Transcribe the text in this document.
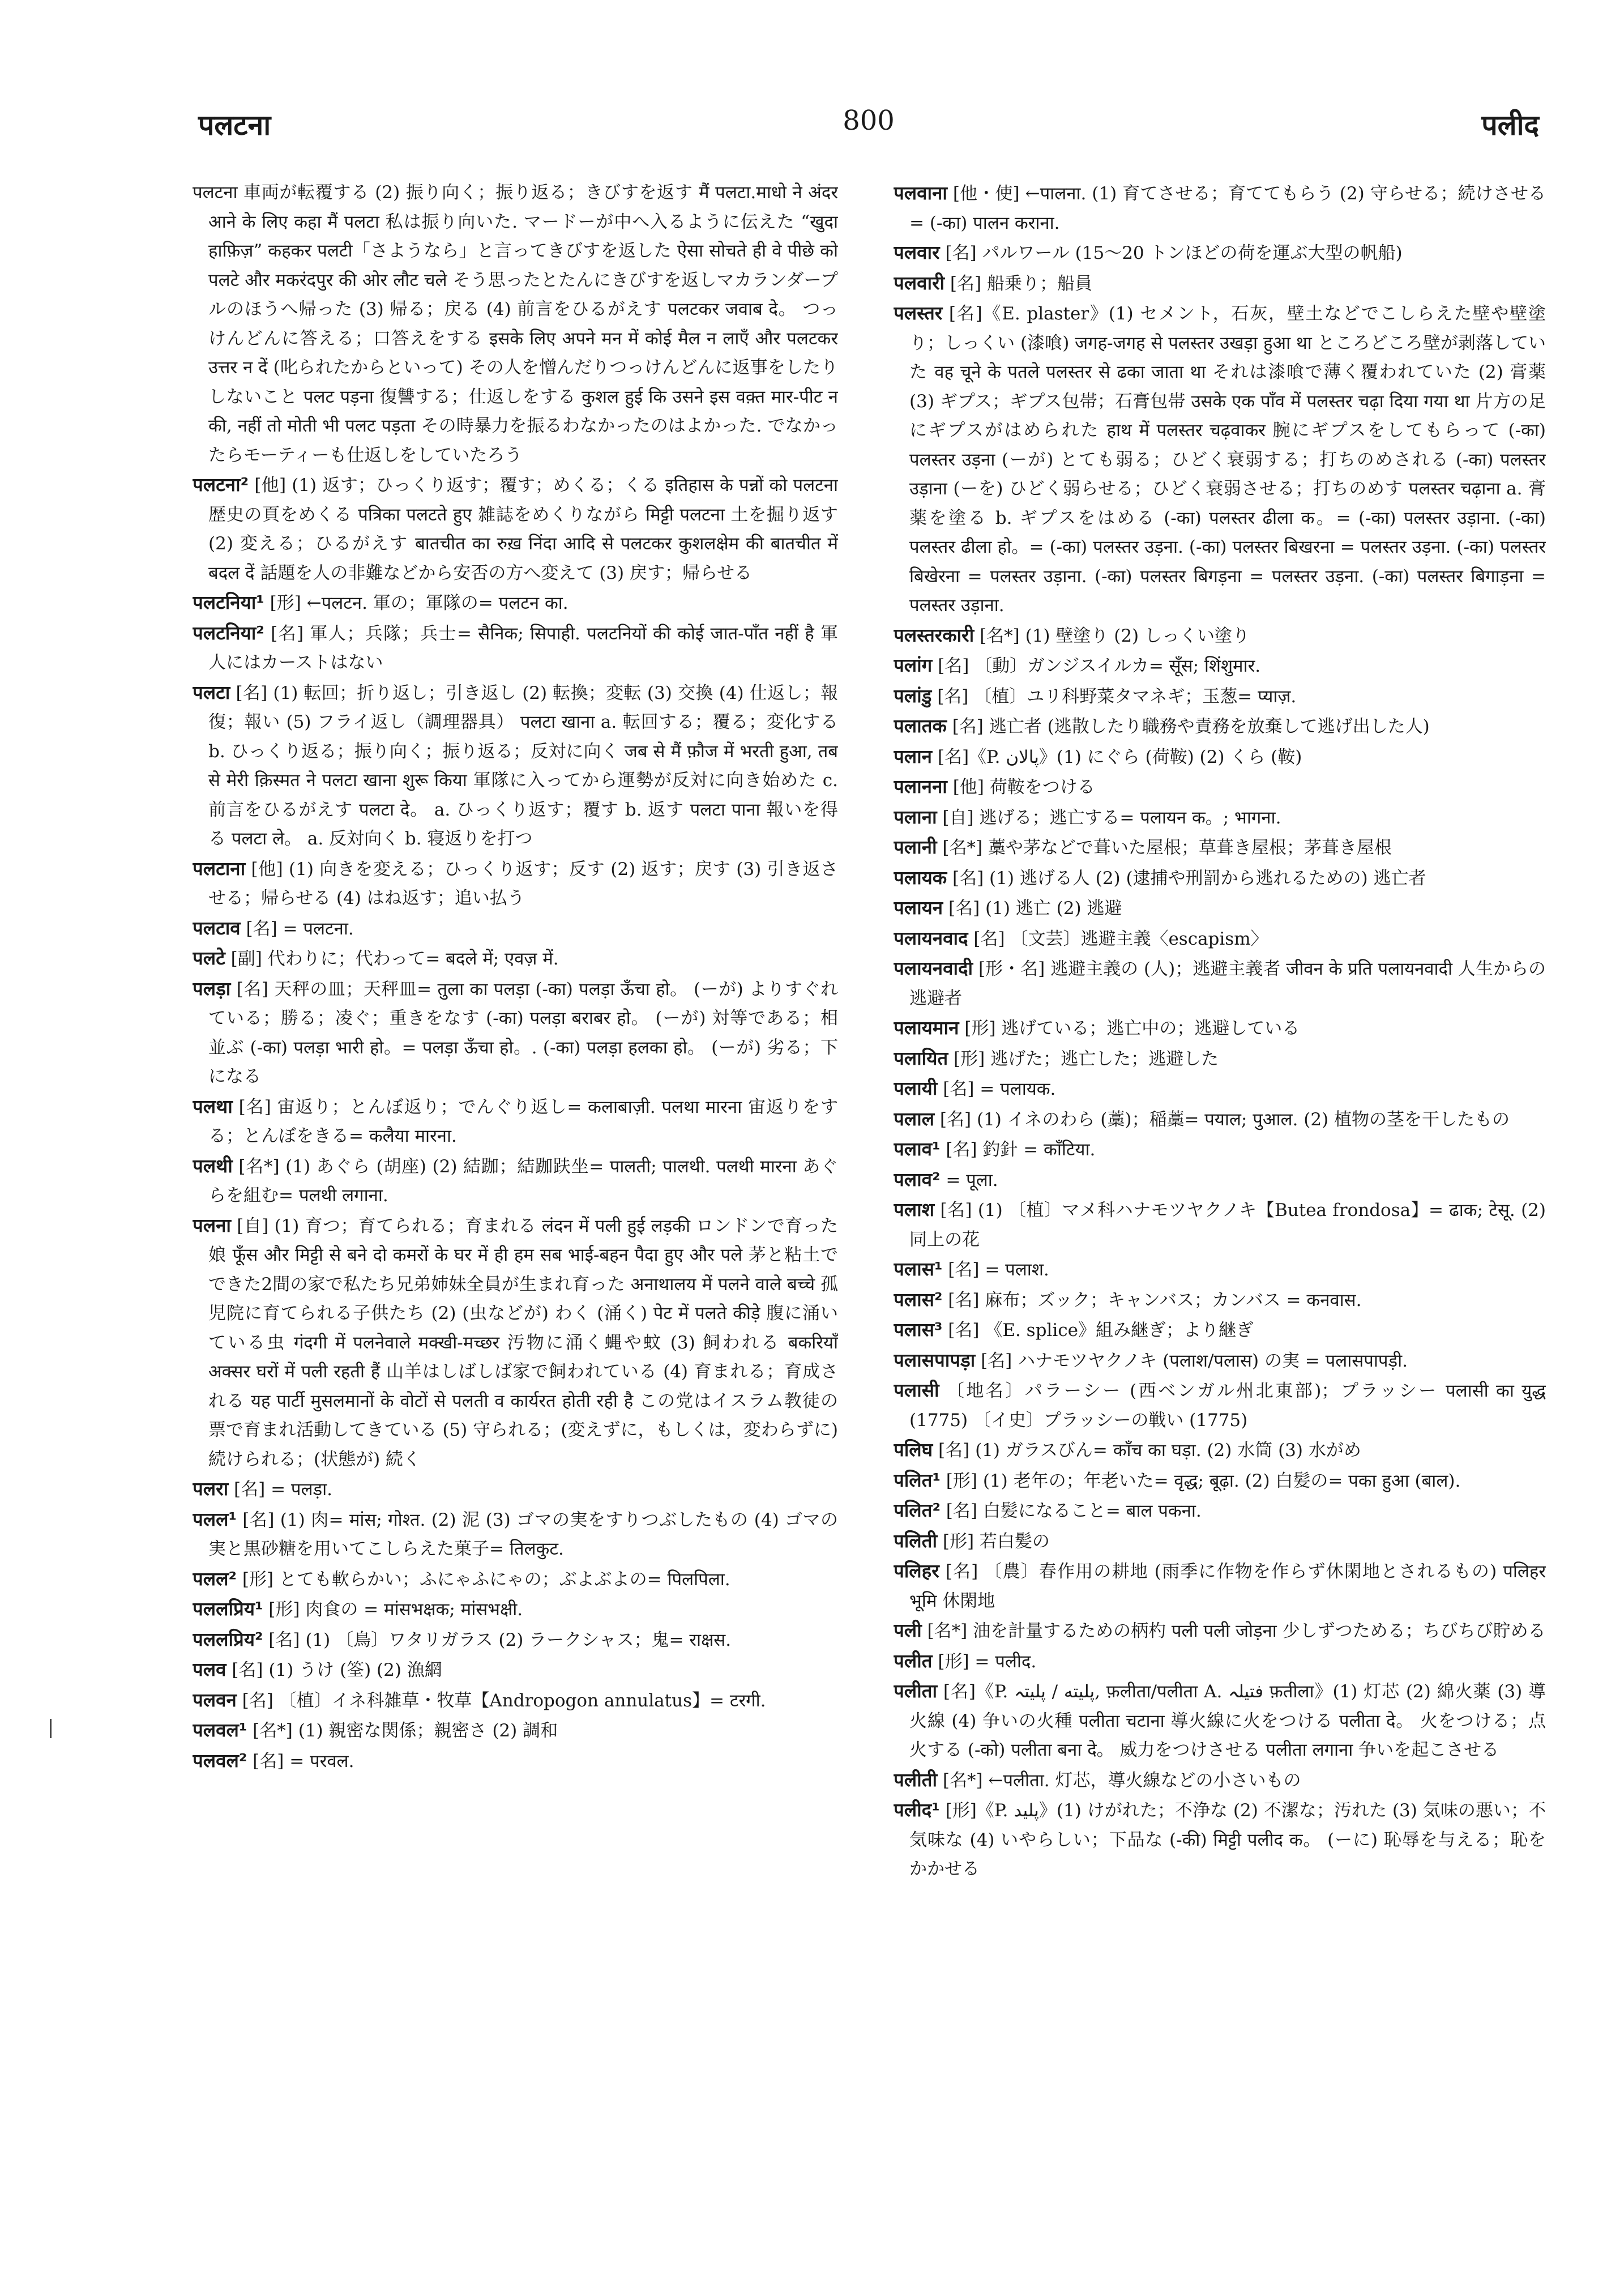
पलटना	800	पलीद

पलटना 車両が転覆する (2) 振り向く；振り返る；きびすを返す मैं पलटा.माधो ने अंदर आने के लिए कहा मैं पलटा 私は振り向いた. マードーが中へ入るように伝えた “खुदा हाफ़िज़” कहकर पलटी「さようなら」と言ってきびすを返した ऐसा सोचते ही वे पीछे को पलटे और मकरंदपुर की ओर लौट चले そう思ったとたんにきびすを返しマカランダープルのほうへ帰った (3) 帰る；戻る (4) 前言をひるがえす पलटकर जवाब दे。 つっけんどんに答える；口答えをする इसके लिए अपने मन में कोई मैल न लाएँ और पलटकर उत्तर न दें (叱られたからといって) その人を憎んだりつっけんどんに返事をしたりしないこと पलट पड़ना 復讐する；仕返しをする कुशल हुई कि उसने इस वक़्त मार-पीट न की, नहीं तो मोती भी पलट पड़ता その時暴力を振るわなかったのはよかった. でなかったらモーティーも仕返しをしていたろう

पलटना² [他] (1) 返す；ひっくり返す；覆す；めくる；くる इतिहास के पन्नों को पलटना 歴史の頁をめくる पत्रिका पलटते हुए 雑誌をめくりながら मिट्टी पलटना 土を掘り返す (2) 変える；ひるがえす बातचीत का रुख़ निंदा आदि से पलटकर कुशलक्षेम की बातचीत में बदल दें 話題を人の非難などから安否の方へ変えて (3) 戻す；帰らせる

पलटनिया¹ [形] ←पलटन. 軍の；軍隊の= पलटन का.

पलटनिया² [名] 軍人；兵隊；兵士= सैनिक; सिपाही. पलटनियों की कोई जात-पाँत नहीं है 軍人にはカーストはない

पलटा [名] (1) 転回；折り返し；引き返し (2) 転換；変転 (3) 交換 (4) 仕返し；報復；報い (5) フライ返し（調理器具） पलटा खाना a. 転回する；覆る；変化する b. ひっくり返る；振り向く；振り返る；反対に向く जब से मैं फ़ौज में भरती हुआ, तब से मेरी क़िस्मत ने पलटा खाना शुरू किया 軍隊に入ってから運勢が反対に向き始めた c. 前言をひるがえす पलटा दे。 a. ひっくり返す；覆す b. 返す पलटा पाना 報いを得る पलटा ले。 a. 反対向く b. 寝返りを打つ

पलटाना [他] (1) 向きを変える；ひっくり返す；反す (2) 返す；戻す (3) 引き返させる；帰らせる (4) はね返す；追い払う

पलटाव [名] = पलटना.

पलटे [副] 代わりに；代わって= बदले में; एवज़ में.

पलड़ा [名] 天秤の皿；天秤皿= तुला का पलड़ा (-का) पलड़ा ऊँचा हो。 (ーが) よりすぐれている；勝る；凌ぐ；重きをなす (-का) पलड़ा बराबर हो。 (ーが) 対等である；相並ぶ (-का) पलड़ा भारी हो。= पलड़ा ऊँचा हो。. (-का) पलड़ा हलका हो。 (ーが) 劣る；下になる

पलथा [名] 宙返り；とんぼ返り；でんぐり返し= कलाबाज़ी. पलथा मारना 宙返りをする；とんぼをきる= कलैया मारना.

पलथी [名*] (1) あぐら (胡座) (2) 結跏；結跏趺坐= पालती; पालथी. पलथी मारना あぐらを組む= पलथी लगाना.

पलना [自] (1) 育つ；育てられる；育まれる लंदन में पली हुई लड़की ロンドンで育った娘 फूँस और मिट्टी से बने दो कमरों के घर में ही हम सब भाई-बहन पैदा हुए और पले 茅と粘土でできた2間の家で私たち兄弟姉妹全員が生まれ育った अनाथालय में पलने वाले बच्चे 孤児院に育てられる子供たち (2) (虫などが) わく (涌く) पेट में पलते कीड़े 腹に涌いている虫 गंदगी में पलनेवाले मक्खी-मच्छर 汚物に涌く蝿や蚊 (3) 飼われる बकरियाँ अक्सर घरों में पली रहती हैं 山羊はしばしば家で飼われている (4) 育まれる；育成される यह पार्टी मुसलमानों के वोटों से पलती व कार्यरत होती रही है この党はイスラム教徒の票で育まれ活動してきている (5) 守られる；(変えずに，もしくは，変わらずに) 続けられる；(状態が) 続く

पलरा [名] = पलड़ा.

पलल¹ [名] (1) 肉= मांस; गोश्त. (2) 泥 (3) ゴマの実をすりつぶしたもの (4) ゴマの実と黒砂糖を用いてこしらえた菓子= तिलकुट.

पलल² [形] とても軟らかい；ふにゃふにゃの；ぶよぶよの= पिलपिला.

पललप्रिय¹ [形] 肉食の = मांसभक्षक; मांसभक्षी.

पललप्रिय² [名] (1) 〔鳥〕ワタリガラス (2) ラークシャス；鬼= राक्षस.

पलव [名] (1) うけ (筌) (2) 漁網

पलवन [名] 〔植〕イネ科雑草・牧草【Andropogon annulatus】= टरगी.

पलवल¹ [名*] (1) 親密な関係；親密さ (2) 調和

पलवल² [名] = परवल.

पलवाना [他・使] ←पालना. (1) 育てさせる；育ててもらう (2) 守らせる；続けさせる= (-का) पालन कराना.

पलवार [名] パルワール (15〜20 トンほどの荷を運ぶ大型の帆船)

पलवारी [名] 船乗り；船員

पलस्तर [名]《E. plaster》(1) セメント，石灰，壁土などでこしらえた壁や壁塗り；しっくい (漆喰) जगह-जगह से पलस्तर उखड़ा हुआ था ところどころ壁が剥落していた वह चूने के पतले पलस्तर से ढका जाता था それは漆喰で薄く覆われていた (2) 膏薬 (3) ギプス；ギプス包帯；石膏包帯 उसके एक पाँव में पलस्तर चढ़ा दिया गया था 片方の足にギプスがはめられた हाथ में पलस्तर चढ़वाकर 腕にギプスをしてもらって (-का) पलस्तर उड़ना (ーが) とても弱る；ひどく衰弱する；打ちのめされる (-का) पलस्तर उड़ाना (ーを) ひどく弱らせる；ひどく衰弱させる；打ちのめす पलस्तर चढ़ाना a. 膏薬を塗る b. ギプスをはめる (-का) पलस्तर ढीला क。= (-का) पलस्तर उड़ाना. (-का) पलस्तर ढीला हो。= (-का) पलस्तर उड़ना. (-का) पलस्तर बिखरना = पलस्तर उड़ना. (-का) पलस्तर बिखेरना = पलस्तर उड़ाना. (-का) पलस्तर बिगड़ना = पलस्तर उड़ना. (-का) पलस्तर बिगाड़ना = पलस्तर उड़ाना.

पलस्तरकारी [名*] (1) 壁塗り (2) しっくい塗り

पलांग [名] 〔動〕ガンジスイルカ= सूँस; शिंशुमार.

पलांडु [名] 〔植〕ユリ科野菜タマネギ；玉葱= प्याज़.

पलातक [名] 逃亡者 (逃散したり職務や責務を放棄して逃げ出した人)

पलान [名]《P. پالان》(1) にぐら (荷鞍) (2) くら (鞍)

पलानना [他] 荷鞍をつける

पलाना [自] 逃げる；逃亡する= पलायन क。; भागना.

पलानी [名*] 藁や茅などで葺いた屋根；草葺き屋根；茅葺き屋根

पलायक [名] (1) 逃げる人 (2) (逮捕や刑罰から逃れるための) 逃亡者

पलायन [名] (1) 逃亡 (2) 逃避

पलायनवाद [名] 〔文芸〕逃避主義〈escapism〉

पलायनवादी [形・名] 逃避主義の (人)；逃避主義者 जीवन के प्रति पलायनवादी 人生からの逃避者

पलायमान [形] 逃げている；逃亡中の；逃避している

पलायित [形] 逃げた；逃亡した；逃避した

पलायी [名] = पलायक.

पलाल [名] (1) イネのわら (藁)；稲藁= पयाल; पुआल. (2) 植物の茎を干したもの

पलाव¹ [名] 釣針 = काँटिया.

पलाव² = पूला.

पलाश [名] (1) 〔植〕マメ科ハナモツヤクノキ【Butea frondosa】= ढाक; टेसू. (2) 同上の花

पलास¹ [名] = पलाश.

पलास² [名] 麻布；ズック；キャンバス；カンバス = कनवास.

पलास³ [名] 《E. splice》組み継ぎ；より継ぎ

पलासपापड़ा [名] ハナモツヤクノキ (पलाश/पलास) の実 = पलासपापड़ी.

पलासी 〔地名〕パラーシー (西ベンガル州北東部)；プラッシー पलासी का युद्ध (1775) 〔イ史〕プラッシーの戦い (1775)

पलिघ [名] (1) ガラスびん= काँच का घड़ा. (2) 水筒 (3) 水がめ

पलित¹ [形] (1) 老年の；年老いた= वृद्ध; बूढ़ा. (2) 白髪の= पका हुआ (बाल).

पलित² [名] 白髪になること= बाल पकना.

पलिती [形] 若白髪の

पलिहर [名] 〔農〕春作用の耕地 (雨季に作物を作らず休閑地とされるもの) पलिहर भूमि 休閑地

पली [名*] 油を計量するための柄杓 पली पली जोड़ना 少しずつためる；ちびちび貯める

पलीत [形] = पलीद.

पलीता [名]《P. پلیته / پلیتہ, फ़लीता/पलीता A. فتیلہ फ़तीला》(1) 灯芯 (2) 綿火薬 (3) 導火線 (4) 争いの火種 पलीता चटाना 導火線に火をつける पलीता दे。 火をつける；点火する (-को) पलीता बना दे。 威力をつけさせる पलीता लगाना 争いを起こさせる

पलीती [名*] ←पलीता. 灯芯，導火線などの小さいもの

पलीद¹ [形]《P. پلید》(1) けがれた；不浄な (2) 不潔な；汚れた (3) 気味の悪い；不気味な (4) いやらしい；下品な (-की) मिट्टी पलीद क。 (ーに) 恥辱を与える；恥をかかせる
